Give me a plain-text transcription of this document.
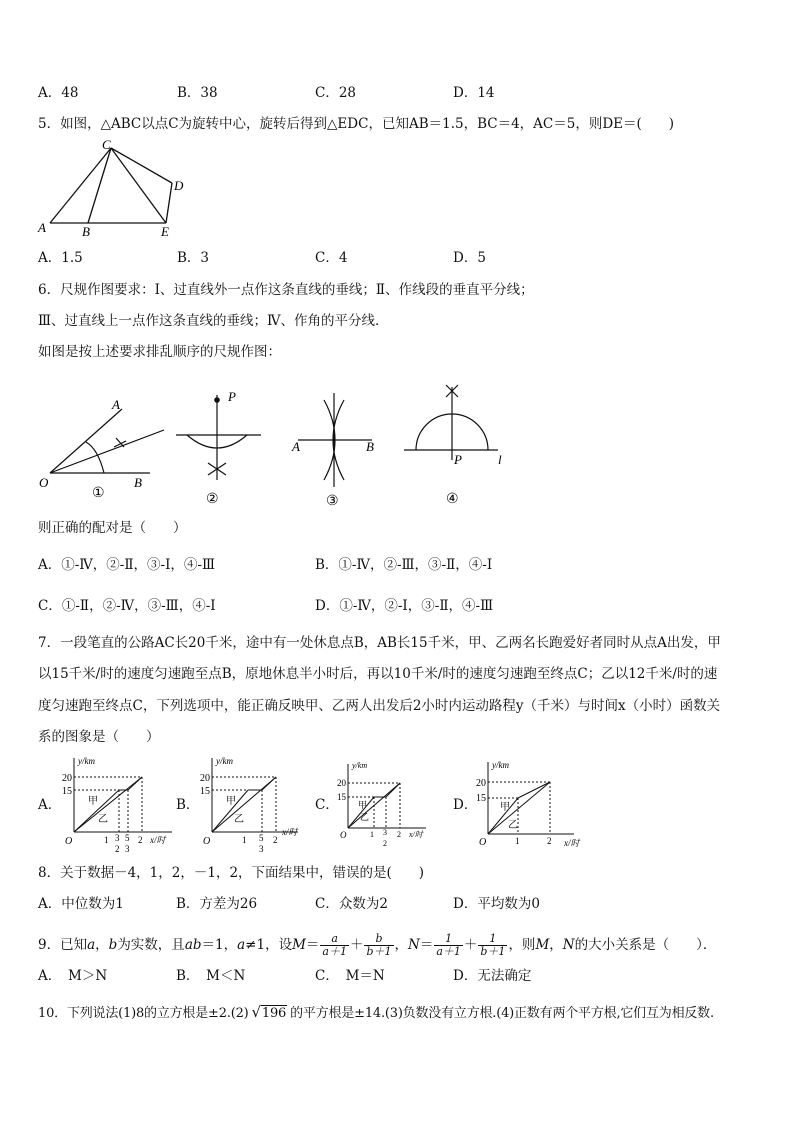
A．48	B．38	C．28	D．14
5．如图，△ABC以点C为旋转中心，旋转后得到△EDC，已知AB＝1.5，BC＝4，AC＝5，则DE＝(　　)
C
D
A	B	E
A．1.5	B．3	C．4	D．5
6．尺规作图要求：Ⅰ、过直线外一点作这条直线的垂线；Ⅱ、作线段的垂直平分线；
Ⅲ、过直线上一点作这条直线的垂线；Ⅳ、作角的平分线．
如图是按上述要求排乱顺序的尺规作图：
A
O	B
P
A	B
P	l
①	②	③	④
则正确的配对是（　　）
A．①-Ⅳ，②-Ⅱ，③-Ⅰ，④-Ⅲ	B．①-Ⅳ，②-Ⅲ，③-Ⅱ，④-Ⅰ
C．①-Ⅱ，②-Ⅳ，③-Ⅲ，④-Ⅰ	D．①-Ⅳ，②-Ⅰ，③-Ⅱ，④-Ⅲ
7．一段笔直的公路AC长20千米，途中有一处休息点B，AB长15千米，甲、乙两名长跑爱好者同时从点A出发，甲
以15千米/时的速度匀速跑至点B，原地休息半小时后，再以10千米/时的速度匀速跑至终点C；乙以12千米/时的速
度匀速跑至终点C，下列选项中，能正确反映甲、乙两人出发后2小时内运动路程y（千米）与时间x（小时）函数关
系的图象是（　　）
A．	B．	C．	D．
y/km
20
15
甲
乙
O	1 3
2
5
3
2 x/时
y/km
20
15
甲
乙
O	1 5
3
2
x/时
y/km
20
15
甲
乙
O	1 3
2
2 x/时
y/km
20
15
甲
乙
O	1	2 x/时
8．关于数据－4，1，2，－1，2，下面结果中，错误的是(　　)
A．中位数为1	B．方差为26	C．众数为2	D．平均数为0
9．已知a，b为实数，且ab＝1，a≠1，设$M= \frac{a}{a+1} + \frac{b}{b+1}$ ，$N= \frac{1}{a+1} + \frac{1}{b+1}$ ，则M，N的大小关系是（　　）．
A．　M＞N	B．　M＜N	C．　M＝N	D．无法确定
10．下列说法(1)8的立方根是±2.(2) √196 的平方根是±14.(3)负数没有立方根.(4)正数有两个平方根,它们互为相反数.
